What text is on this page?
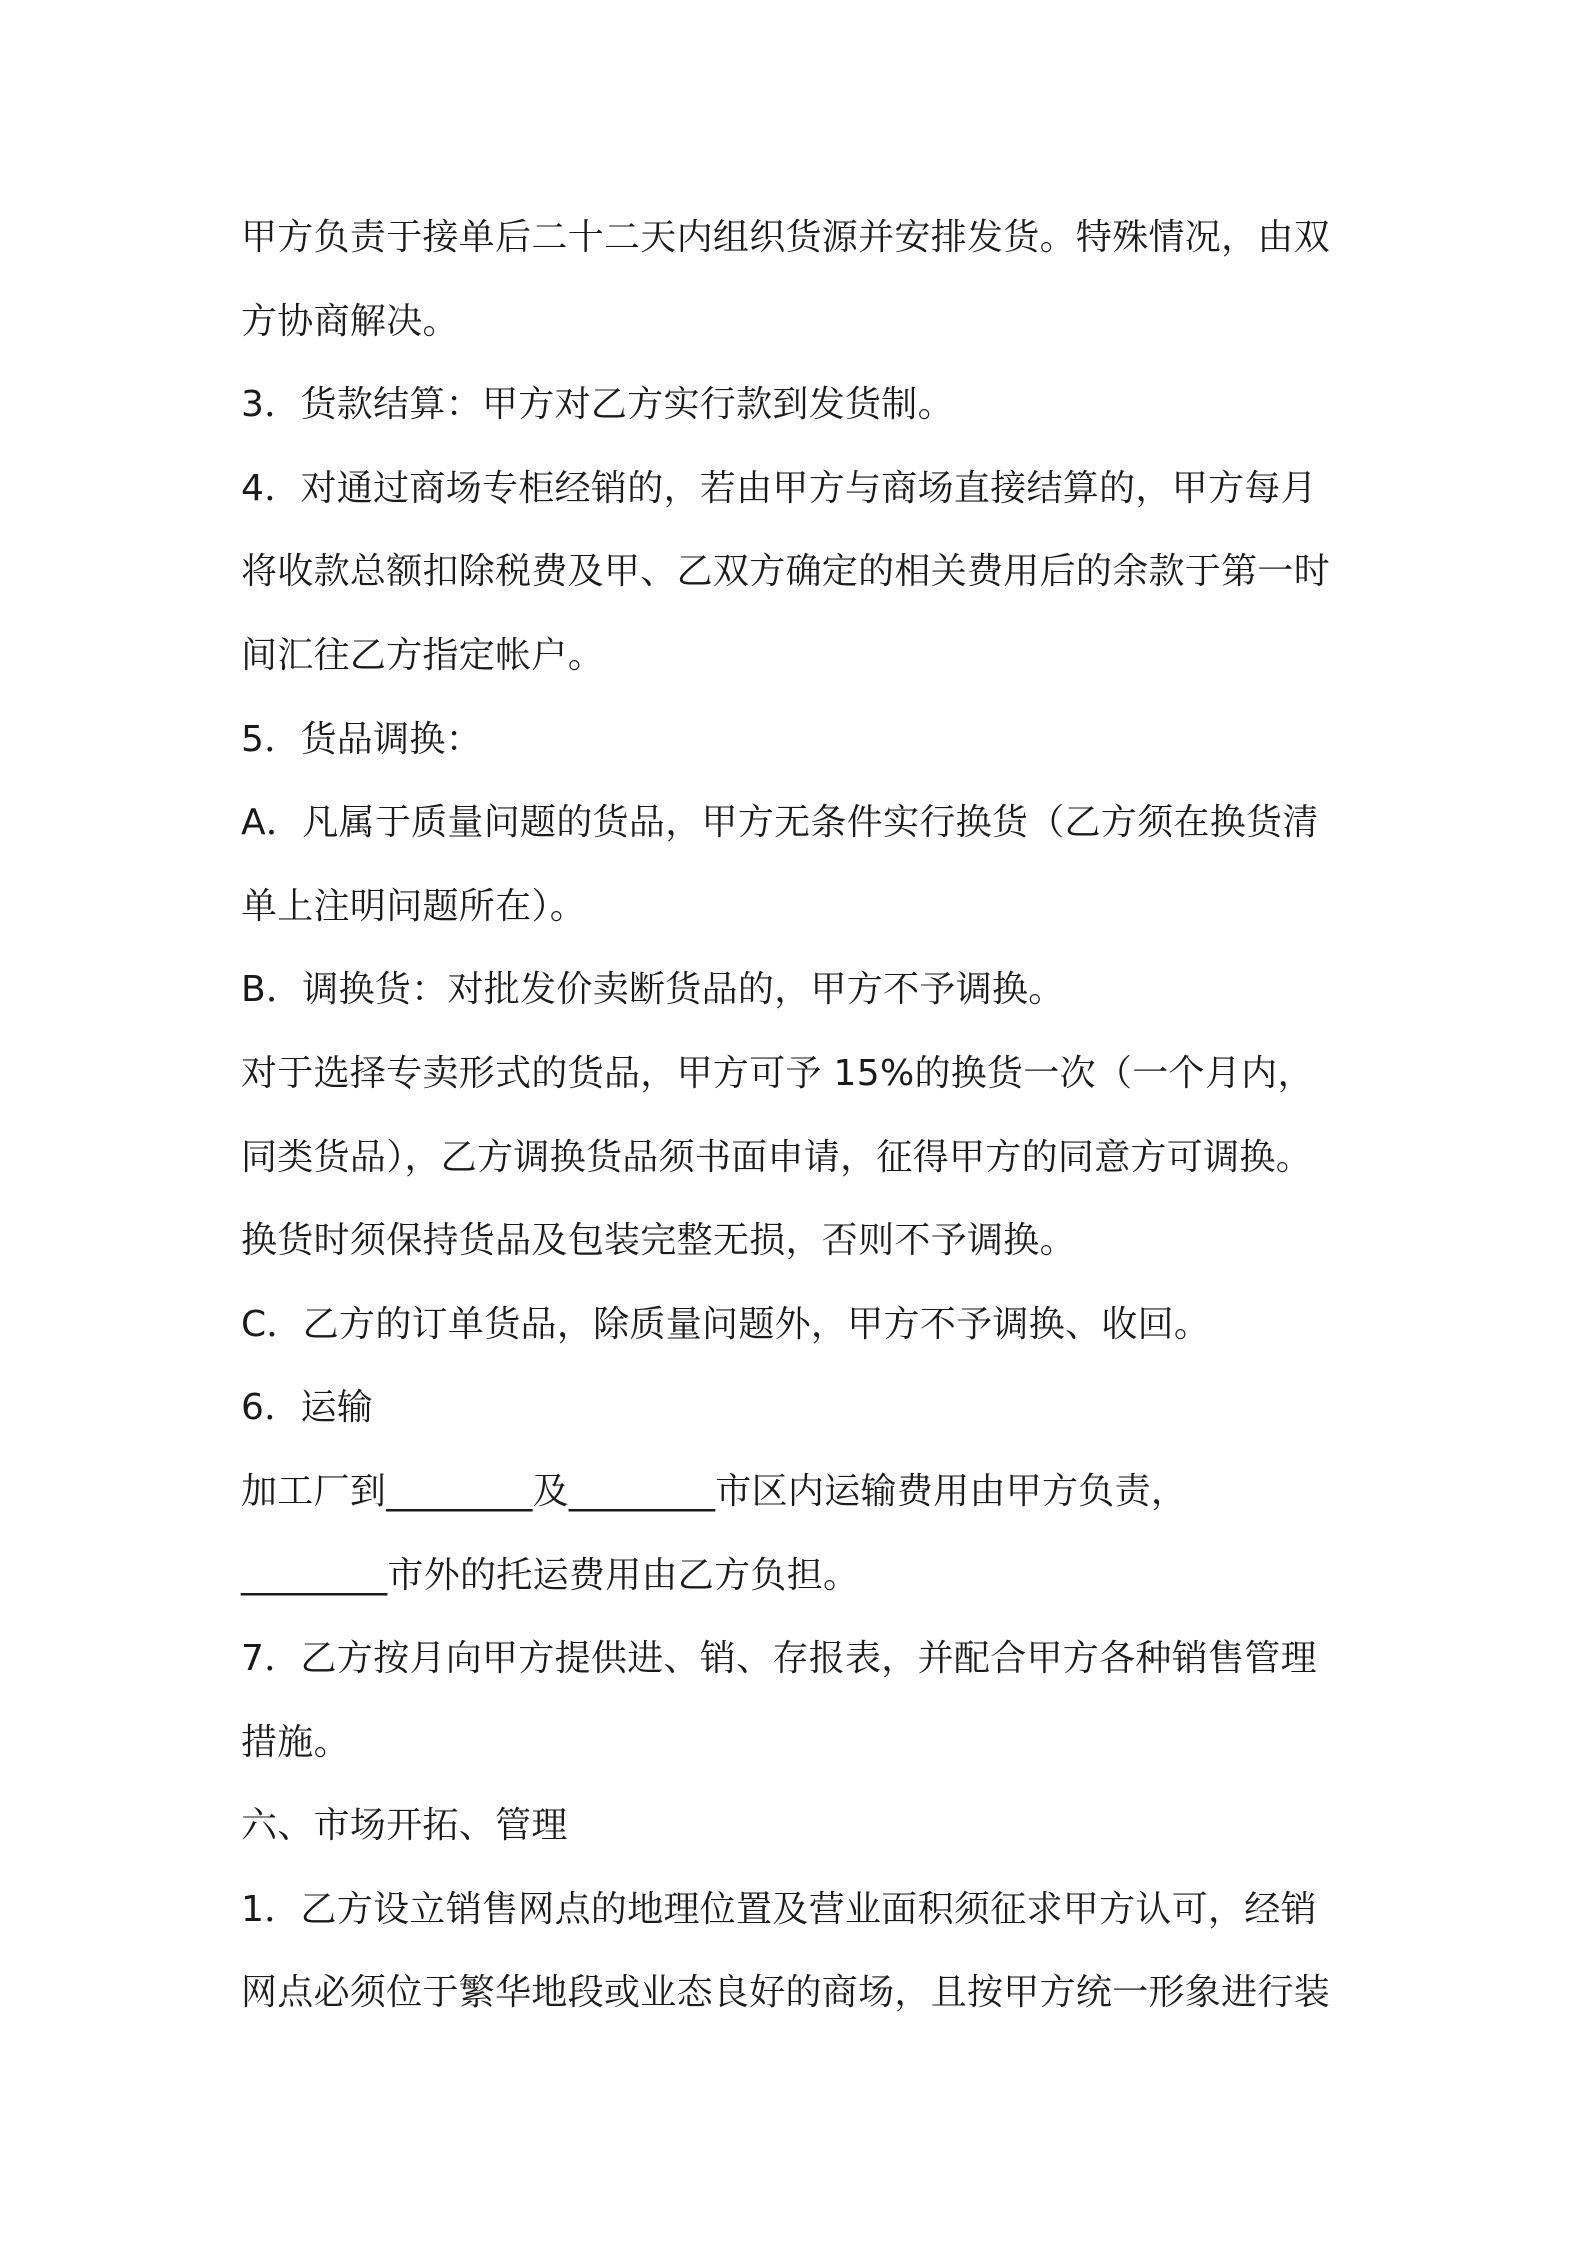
甲方负责于接单后二十二天内组织货源并安排发货。特殊情况，由双
方协商解决。
3．货款结算：甲方对乙方实行款到发货制。
4．对通过商场专柜经销的，若由甲方与商场直接结算的，甲方每月
将收款总额扣除税费及甲、乙双方确定的相关费用后的余款于第一时
间汇往乙方指定帐户。
5．货品调换：
A．凡属于质量问题的货品，甲方无条件实行换货（乙方须在换货清
单上注明问题所在）。
B．调换货：对批发价卖断货品的，甲方不予调换。
对于选择专卖形式的货品，甲方可予 15%的换货一次（一个月内，
同类货品），乙方调换货品须书面申请，征得甲方的同意方可调换。
换货时须保持货品及包装完整无损，否则不予调换。
C．乙方的订单货品，除质量问题外，甲方不予调换、收回。
6．运输
加工厂到________及________市区内运输费用由甲方负责，
________市外的托运费用由乙方负担。
7．乙方按月向甲方提供进、销、存报表，并配合甲方各种销售管理
措施。
六、市场开拓、管理
1．乙方设立销售网点的地理位置及营业面积须征求甲方认可，经销
网点必须位于繁华地段或业态良好的商场，且按甲方统一形象进行装
